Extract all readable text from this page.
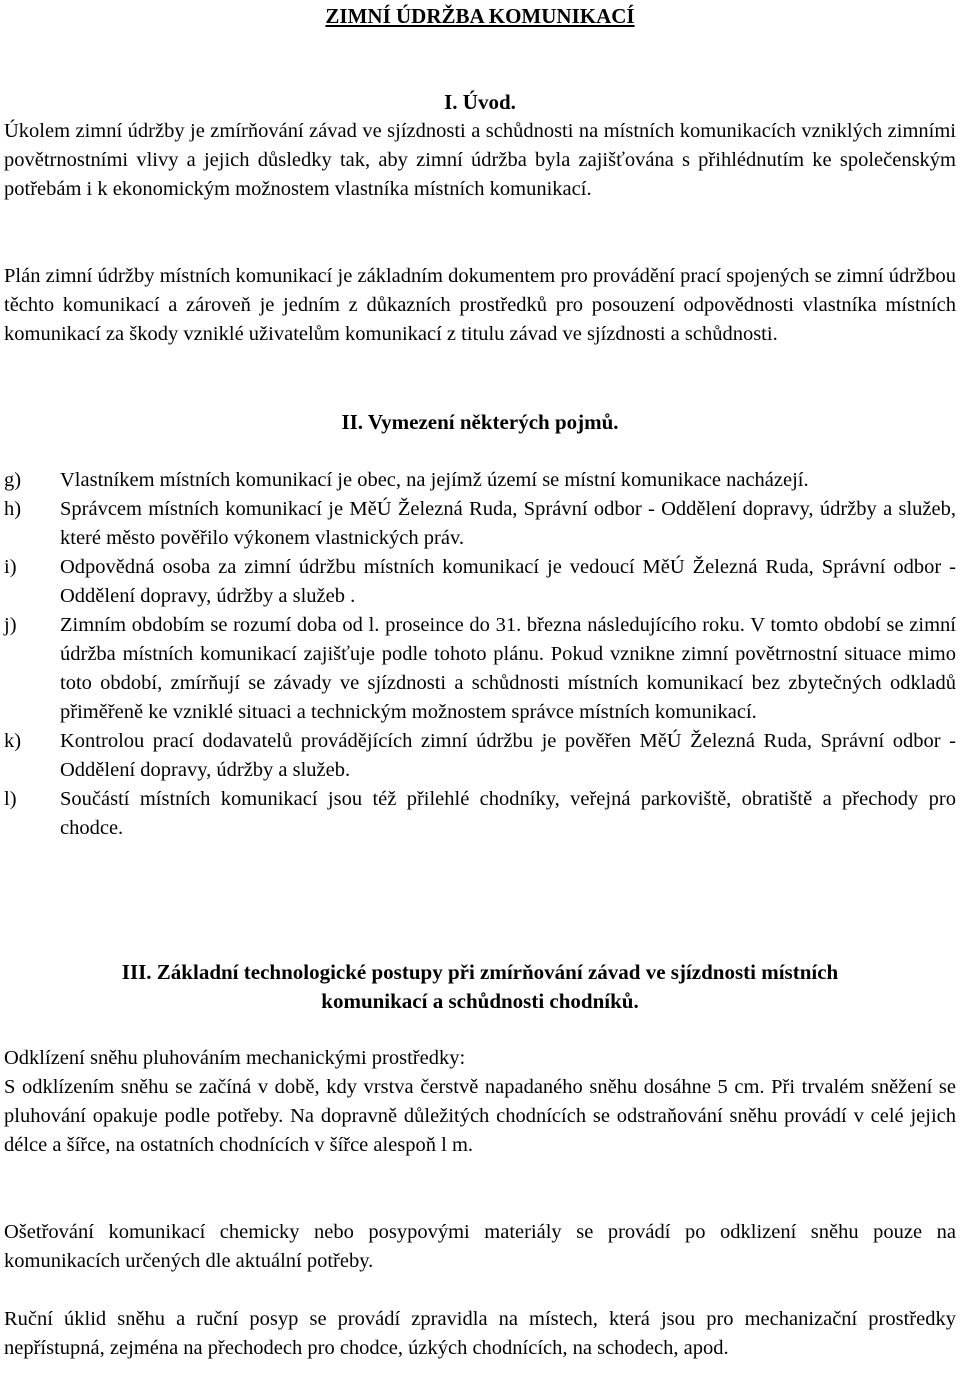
ZIMNÍ ÚDRŽBA KOMUNIKACÍ

I. Úvod.

Úkolem zimní údržby je zmírňování závad ve sjízdnosti a schůdnosti na místních komunikacích vzniklých zimními povětrnostními vlivy a jejich důsledky tak, aby zimní údržba byla zajišťována s přihlédnutím ke společenským potřebám i k ekonomickým možnostem vlastníka místních komunikací.

Plán zimní údržby místních komunikací je základním dokumentem pro provádění prací spojených se zimní údržbou těchto komunikací a zároveň je jedním z důkazních prostředků pro posouzení odpovědnosti vlastníka místních komunikací za škody vzniklé uživatelům komunikací z titulu závad ve sjízdnosti a schůdnosti.

II. Vymezení některých pojmů.

g)	Vlastníkem místních komunikací je obec, na jejímž území se místní komunikace nacházejí.
h)	Správcem místních komunikací je MěÚ Železná Ruda, Správní odbor - Oddělení dopravy, údržby a služeb, které město pověřilo výkonem vlastnických práv.
i)	Odpovědná osoba za zimní údržbu místních komunikací je vedoucí MěÚ Železná Ruda, Správní odbor - Oddělení dopravy, údržby a služeb .
j)	Zimním obdobím se rozumí doba od l. proseince do 31. března následujícího roku. V tomto období se zimní údržba místních komunikací zajišťuje podle tohoto plánu. Pokud vznikne zimní povětrnostní situace mimo toto období, zmírňují se závady ve sjízdnosti a schůdnosti místních komunikací bez zbytečných odkladů přiměřeně ke vzniklé situaci a technickým možnostem správce místních komunikací.
k)	Kontrolou prací dodavatelů provádějících zimní údržbu je pověřen MěÚ Železná Ruda, Správní odbor - Oddělení dopravy, údržby a služeb.
l)	Součástí místních komunikací jsou též přilehlé chodníky, veřejná parkoviště, obratiště a přechody pro chodce.
III. Základní technologické postupy při zmírňování závad ve sjízdnosti místních
komunikací a schůdnosti chodníků.

Odklízení sněhu pluhováním mechanickými prostředky:

S odklízením sněhu se začíná v době, kdy vrstva čerstvě napadaného sněhu dosáhne 5 cm. Při trvalém sněžení se pluhování opakuje podle potřeby. Na dopravně důležitých chodnících se odstraňování sněhu provádí v celé jejich délce a šířce, na ostatních chodnících v šířce alespoň l m.

Ošetřování komunikací chemicky nebo posypovými materiály se provádí po odklizení sněhu pouze na komunikacích určených dle aktuální potřeby.

Ruční úklid sněhu a ruční posyp se provádí zpravidla na místech, která jsou pro mechanizační prostředky nepřístupná, zejména na přechodech pro chodce, úzkých chodnících, na schodech, apod.
